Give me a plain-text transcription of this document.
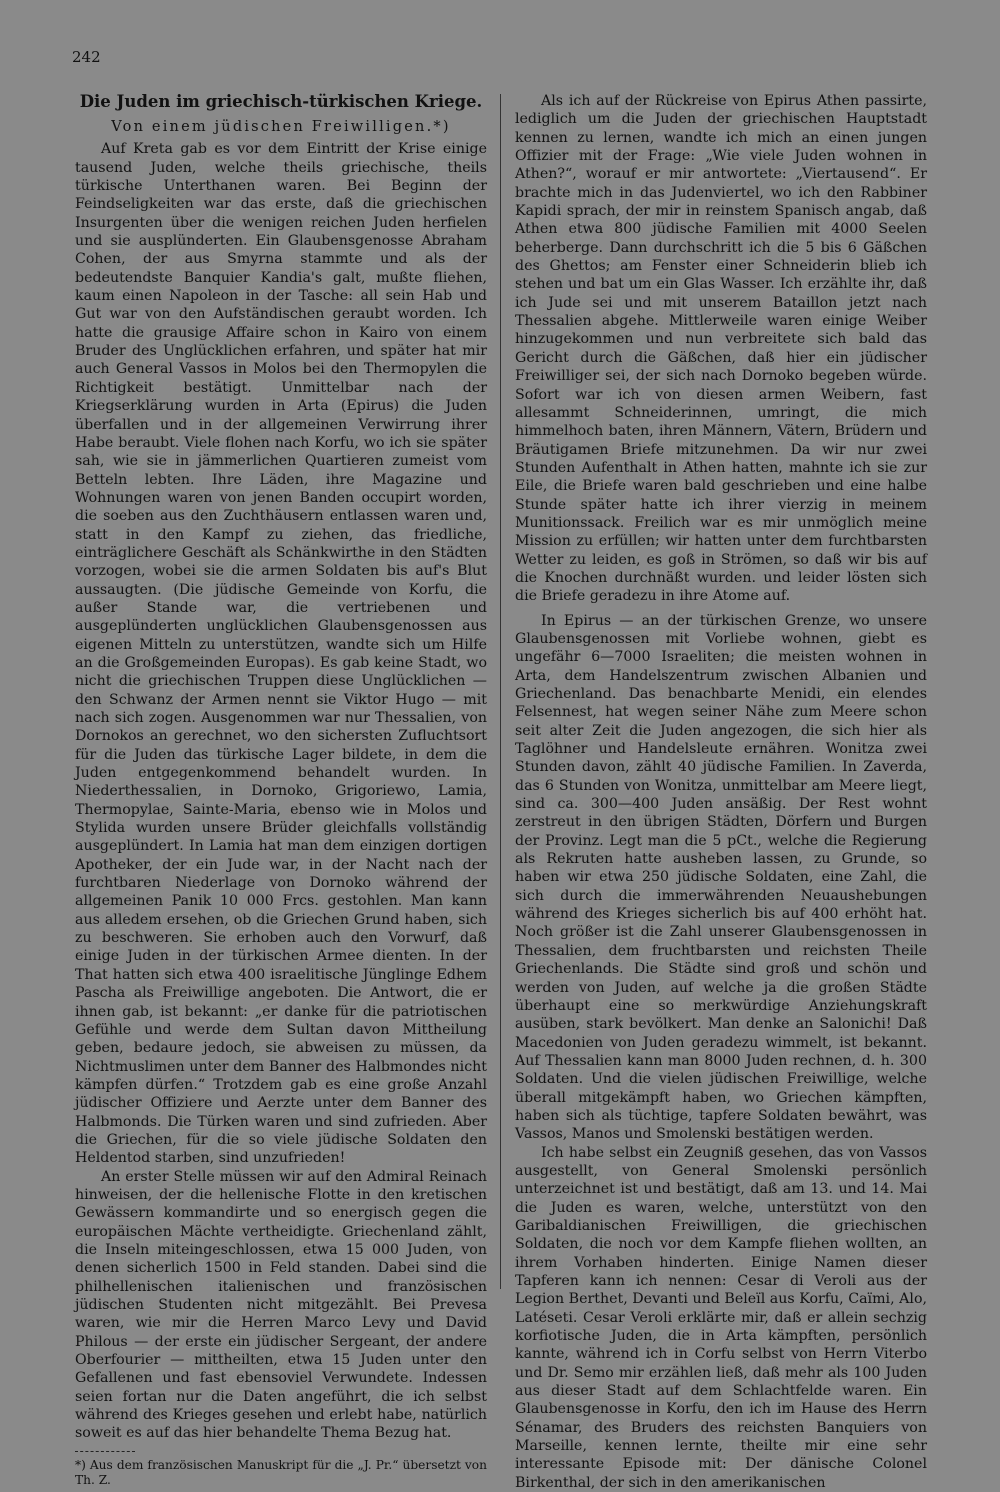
242
Die Juden im griechisch-türkischen Kriege.
Von einem jüdischen Freiwilligen.*)

Auf Kreta gab es vor dem Eintritt der Krise einige tausend Juden, welche theils griechische, theils türkische Unterthanen waren. Bei Beginn der Feindseligkeiten war das erste, daß die griechischen Insurgenten über die wenigen reichen Juden herfielen und sie ausplünderten. Ein Glaubensgenosse Abraham Cohen, der aus Smyrna stammte und als der bedeutendste Banquier Kandia's galt, mußte fliehen, kaum einen Napoleon in der Tasche: all sein Hab und Gut war von den Aufständischen geraubt worden. Ich hatte die grausige Affaire schon in Kairo von einem Bruder des Unglücklichen erfahren, und später hat mir auch General Vassos in Molos bei den Thermopylen die Richtigkeit bestätigt. Unmittelbar nach der Kriegserklärung wurden in Arta (Epirus) die Juden überfallen und in der allgemeinen Verwirrung ihrer Habe beraubt. Viele flohen nach Korfu, wo ich sie später sah, wie sie in jämmerlichen Quartieren zumeist vom Betteln lebten. Ihre Läden, ihre Magazine und Wohnungen waren von jenen Banden occupirt worden, die soeben aus den Zuchthäusern entlassen waren und, statt in den Kampf zu ziehen, das friedliche, einträglichere Geschäft als Schänkwirthe in den Städten vorzogen, wobei sie die armen Soldaten bis auf's Blut aussaugten. (Die jüdische Gemeinde von Korfu, die außer Stande war, die vertriebenen und ausgeplünderten unglücklichen Glaubensgenossen aus eigenen Mitteln zu unterstützen, wandte sich um Hilfe an die Großgemeinden Europas). Es gab keine Stadt, wo nicht die griechischen Truppen diese Unglücklichen — den Schwanz der Armen nennt sie Viktor Hugo — mit nach sich zogen. Ausgenommen war nur Thessalien, von Dornokos an gerechnet, wo den sichersten Zufluchtsort für die Juden das türkische Lager bildete, in dem die Juden entgegenkommend behandelt wurden. In Niederthessalien, in Dornoko, Grigoriewo, Lamia, Thermopylae, Sainte-Maria, ebenso wie in Molos und Stylida wurden unsere Brüder gleichfalls vollständig ausgeplündert. In Lamia hat man dem einzigen dortigen Apotheker, der ein Jude war, in der Nacht nach der furchtbaren Niederlage von Dornoko während der allgemeinen Panik 10 000 Frcs. gestohlen. Man kann aus alledem ersehen, ob die Griechen Grund haben, sich zu beschweren. Sie erhoben auch den Vorwurf, daß einige Juden in der türkischen Armee dienten. In der That hatten sich etwa 400 israelitische Jünglinge Edhem Pascha als Freiwillige angeboten. Die Antwort, die er ihnen gab, ist bekannt: „er danke für die patriotischen Gefühle und werde dem Sultan davon Mittheilung geben, bedaure jedoch, sie abweisen zu müssen, da Nichtmuslimen unter dem Banner des Halbmondes nicht kämpfen dürfen.“ Trotzdem gab es eine große Anzahl jüdischer Offiziere und Aerzte unter dem Banner des Halbmonds. Die Türken waren und sind zufrieden. Aber die Griechen, für die so viele jüdische Soldaten den Heldentod starben, sind unzufrieden!

An erster Stelle müssen wir auf den Admiral Reinach hinweisen, der die hellenische Flotte in den kretischen Gewässern kommandirte und so energisch gegen die europäischen Mächte vertheidigte. Griechenland zählt, die Inseln miteingeschlossen, etwa 15 000 Juden, von denen sicherlich 1500 in Feld standen. Dabei sind die philhellenischen italienischen und französischen jüdischen Studenten nicht mitgezählt. Bei Prevesa waren, wie mir die Herren Marco Levy und David Philous — der erste ein jüdischer Sergeant, der andere Oberfourier — mittheilten, etwa 15 Juden unter den Gefallenen und fast ebensoviel Verwundete. Indessen seien fortan nur die Daten angeführt, die ich selbst während des Krieges gesehen und erlebt habe, natürlich soweit es auf das hier behandelte Thema Bezug hat.

*) Aus dem französischen Manuskript für die „J. Pr.“ übersetzt von Th. Z.

Als ich auf der Rückreise von Epirus Athen passirte, lediglich um die Juden der griechischen Hauptstadt kennen zu lernen, wandte ich mich an einen jungen Offizier mit der Frage: „Wie viele Juden wohnen in Athen?“, worauf er mir antwortete: „Viertausend“. Er brachte mich in das Judenviertel, wo ich den Rabbiner Kapidi sprach, der mir in reinstem Spanisch angab, daß Athen etwa 800 jüdische Familien mit 4000 Seelen beherberge. Dann durchschritt ich die 5 bis 6 Gäßchen des Ghettos; am Fenster einer Schneiderin blieb ich stehen und bat um ein Glas Wasser. Ich erzählte ihr, daß ich Jude sei und mit unserem Bataillon jetzt nach Thessalien abgehe. Mittlerweile waren einige Weiber hinzugekommen und nun verbreitete sich bald das Gericht durch die Gäßchen, daß hier ein jüdischer Freiwilliger sei, der sich nach Dornoko begeben würde. Sofort war ich von diesen armen Weibern, fast allesammt Schneiderinnen, umringt, die mich himmelhoch baten, ihren Männern, Vätern, Brüdern und Bräutigamen Briefe mitzunehmen. Da wir nur zwei Stunden Aufenthalt in Athen hatten, mahnte ich sie zur Eile, die Briefe waren bald geschrieben und eine halbe Stunde später hatte ich ihrer vierzig in meinem Munitionssack. Freilich war es mir unmöglich meine Mission zu erfüllen; wir hatten unter dem furchtbarsten Wetter zu leiden, es goß in Strömen, so daß wir bis auf die Knochen durchnäßt wurden. und leider lösten sich die Briefe geradezu in ihre Atome auf.

In Epirus — an der türkischen Grenze, wo unsere Glaubensgenossen mit Vorliebe wohnen, giebt es ungefähr 6—7000 Israeliten; die meisten wohnen in Arta, dem Handelszentrum zwischen Albanien und Griechenland. Das benachbarte Menidi, ein elendes Felsennest, hat wegen seiner Nähe zum Meere schon seit alter Zeit die Juden angezogen, die sich hier als Taglöhner und Handelsleute ernähren. Wonitza zwei Stunden davon, zählt 40 jüdische Familien. In Zaverda, das 6 Stunden von Wonitza, unmittelbar am Meere liegt, sind ca. 300—400 Juden ansäßig. Der Rest wohnt zerstreut in den übrigen Städten, Dörfern und Burgen der Provinz. Legt man die 5 pCt., welche die Regierung als Rekruten hatte ausheben lassen, zu Grunde, so haben wir etwa 250 jüdische Soldaten, eine Zahl, die sich durch die immerwährenden Neuaushebungen während des Krieges sicherlich bis auf 400 erhöht hat. Noch größer ist die Zahl unserer Glaubensgenossen in Thessalien, dem fruchtbarsten und reichsten Theile Griechenlands. Die Städte sind groß und schön und werden von Juden, auf welche ja die großen Städte überhaupt eine so merkwürdige Anziehungskraft ausüben, stark bevölkert. Man denke an Salonichi! Daß Macedonien von Juden geradezu wimmelt, ist bekannt. Auf Thessalien kann man 8000 Juden rechnen, d. h. 300 Soldaten. Und die vielen jüdischen Freiwillige, welche überall mitgekämpft haben, wo Griechen kämpften, haben sich als tüchtige, tapfere Soldaten bewährt, was Vassos, Manos und Smolenski bestätigen werden.

Ich habe selbst ein Zeugniß gesehen, das von Vassos ausgestellt, von General Smolenski persönlich unterzeichnet ist und bestätigt, daß am 13. und 14. Mai die Juden es waren, welche, unterstützt von den Garibaldianischen Freiwilligen, die griechischen Soldaten, die noch vor dem Kampfe fliehen wollten, an ihrem Vorhaben hinderten. Einige Namen dieser Tapferen kann ich nennen: Cesar di Veroli aus der Legion Berthet, Devanti und Beleïl aus Korfu, Caïmi, Alo, Latéseti. Cesar Veroli erklärte mir, daß er allein sechzig korfiotische Juden, die in Arta kämpften, persönlich kannte, während ich in Corfu selbst von Herrn Viterbo und Dr. Semo mir erzählen ließ, daß mehr als 100 Juden aus dieser Stadt auf dem Schlachtfelde waren. Ein Glaubensgenosse in Korfu, den ich im Hause des Herrn Sénamar, des Bruders des reichsten Banquiers von Marseille, kennen lernte, theilte mir eine sehr interessante Episode mit: Der dänische Colonel Birkenthal, der sich in den amerikanischen
